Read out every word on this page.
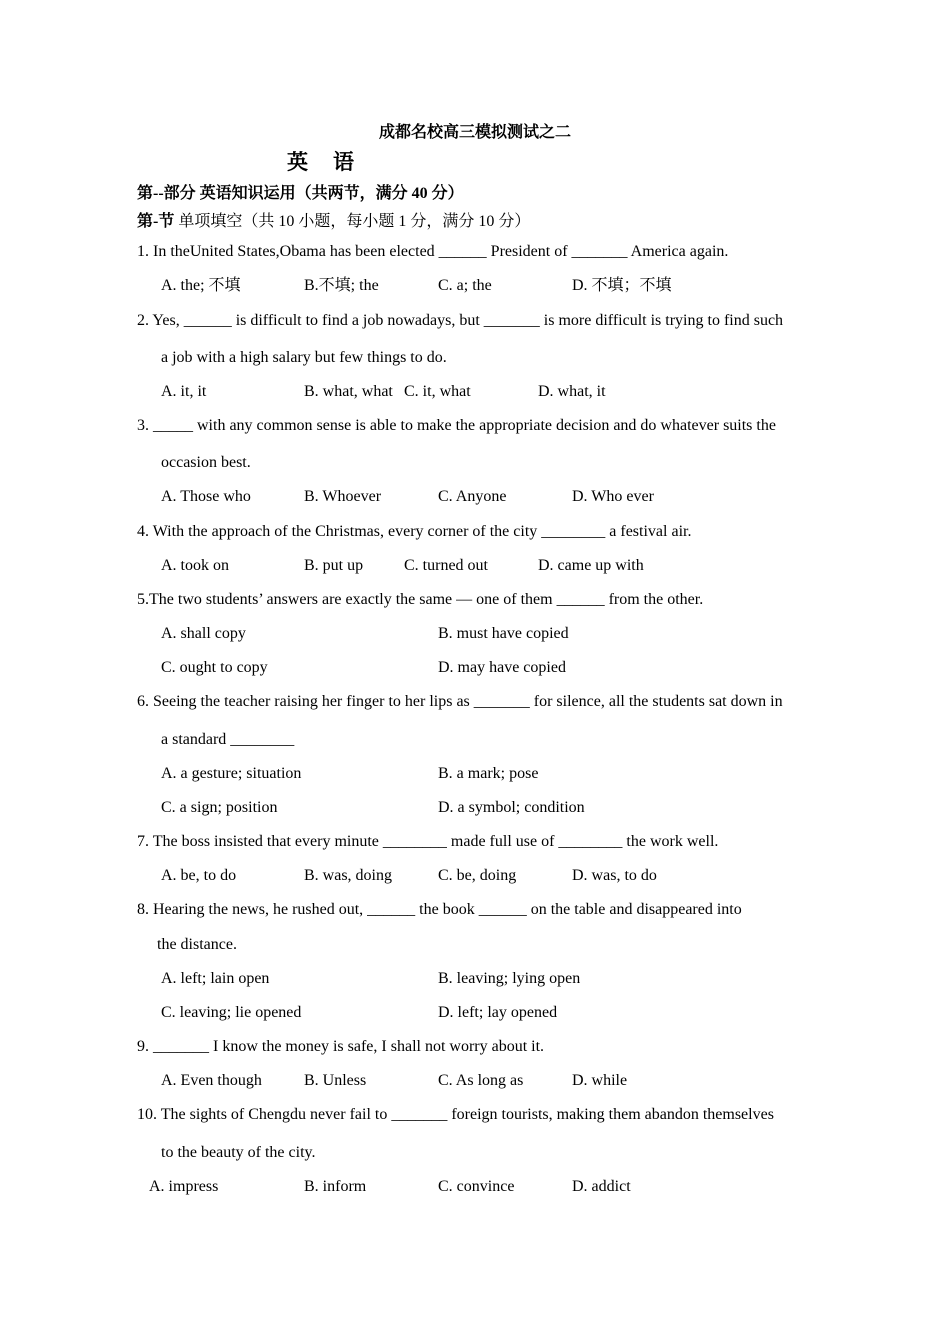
成都名校高三模拟测试之二
英　语
第--部分 英语知识运用（共两节，满分 40 分）
第-节 单项填空（共 10 小题，每小题 1 分，满分 10 分）
1. In theUnited States,Obama has been elected ______ President of _______ America again.
A. the; 不填	B.不填; the	C. a; the	D. 不填；不填
2. Yes, ______ is difficult to find a job nowadays, but _______ is more difficult is trying to find such
a job with a high salary but few things to do.
A. it, it	B. what, what C. it, what	D. what, it
3. _____ with any common sense is able to make the appropriate decision and do whatever suits the
occasion best.
A. Those who	B. Whoever	C. Anyone	D. Who ever
4. With the approach of the Christmas, every corner of the city ________ a festival air.
A. took on	B. put up	C. turned out	D. came up with
5.The two students’ answers are exactly the same — one of them ______ from the other.
A. shall copy	B. must have copied
C. ought to copy	D. may have copied
6. Seeing the teacher raising her finger to her lips as _______ for silence, all the students sat down in
a standard ________
A. a gesture; situation	B. a mark; pose
C. a sign; position	D. a symbol; condition
7. The boss insisted that every minute ________ made full use of ________ the work well.
A. be, to do	B. was, doing	C. be, doing	D. was, to do
8. Hearing the news, he rushed out, ______ the book ______ on the table and disappeared into
the distance.
A. left; lain open	B. leaving; lying open
C. leaving; lie opened	D. left; lay opened
9. _______ I know the money is safe, I shall not worry about it.
A. Even though	B. Unless	C. As long as	D. while
10. The sights of Chengdu never fail to _______ foreign tourists, making them abandon themselves
to the beauty of the city.
A. impress	B. inform	C. convince	D. addict
